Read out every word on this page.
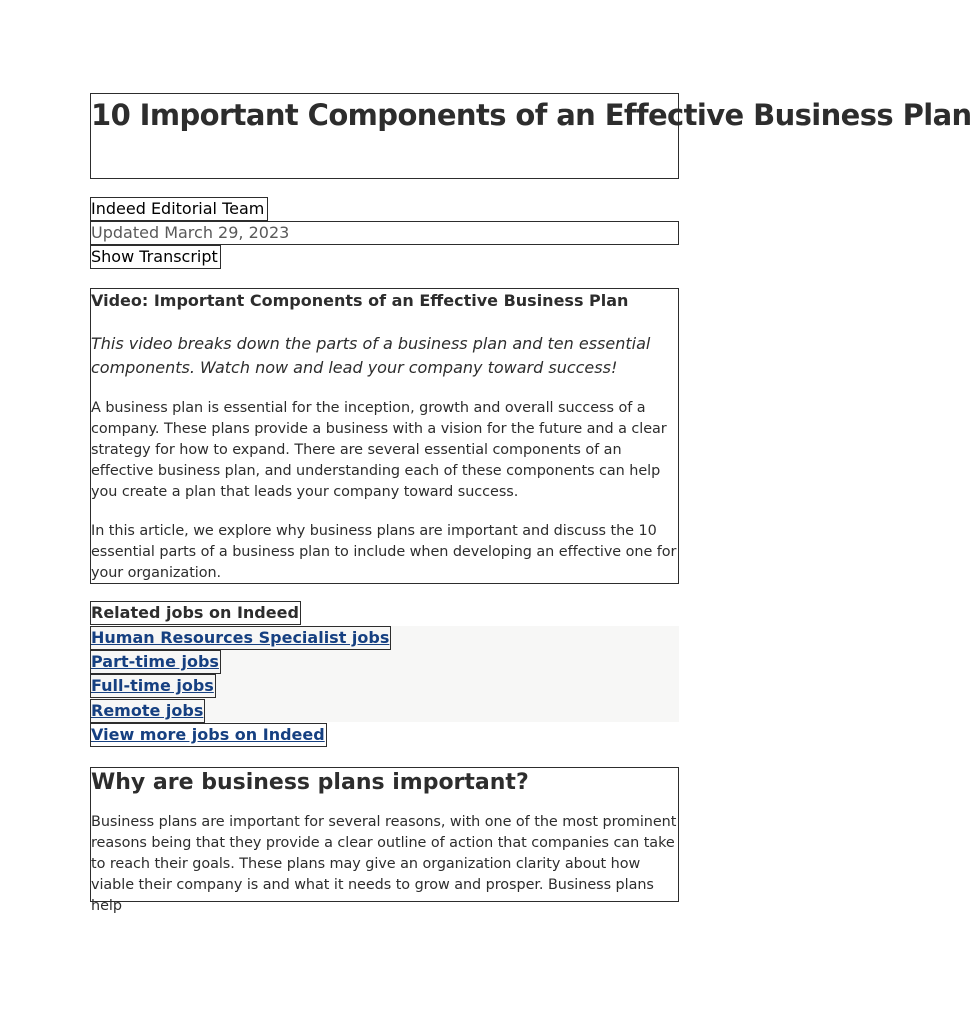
10 Important Components of an Effective Business Plan
Indeed Editorial Team
Updated March 29, 2023
Show Transcript
Video: Important Components of an Effective Business Plan
This video breaks down the parts of a business plan and ten essential components. Watch now and lead your company toward success!

A business plan is essential for the inception, growth and overall success of a company. These plans provide a business with a vision for the future and a clear strategy for how to expand. There are several essential components of an effective business plan, and understanding each of these components can help you create a plan that leads your company toward success.

In this article, we explore why business plans are important and discuss the 10 essential parts of a business plan to include when developing an effective one for your organization.

Related jobs on Indeed
Human Resources Specialist jobs
Part-time jobs
Full-time jobs
Remote jobs
View more jobs on Indeed
Why are business plans important?

Business plans are important for several reasons, with one of the most prominent reasons being that they provide a clear outline of action that companies can take to reach their goals. These plans may give an organization clarity about how viable their company is and what it needs to grow and prosper. Business plans help
